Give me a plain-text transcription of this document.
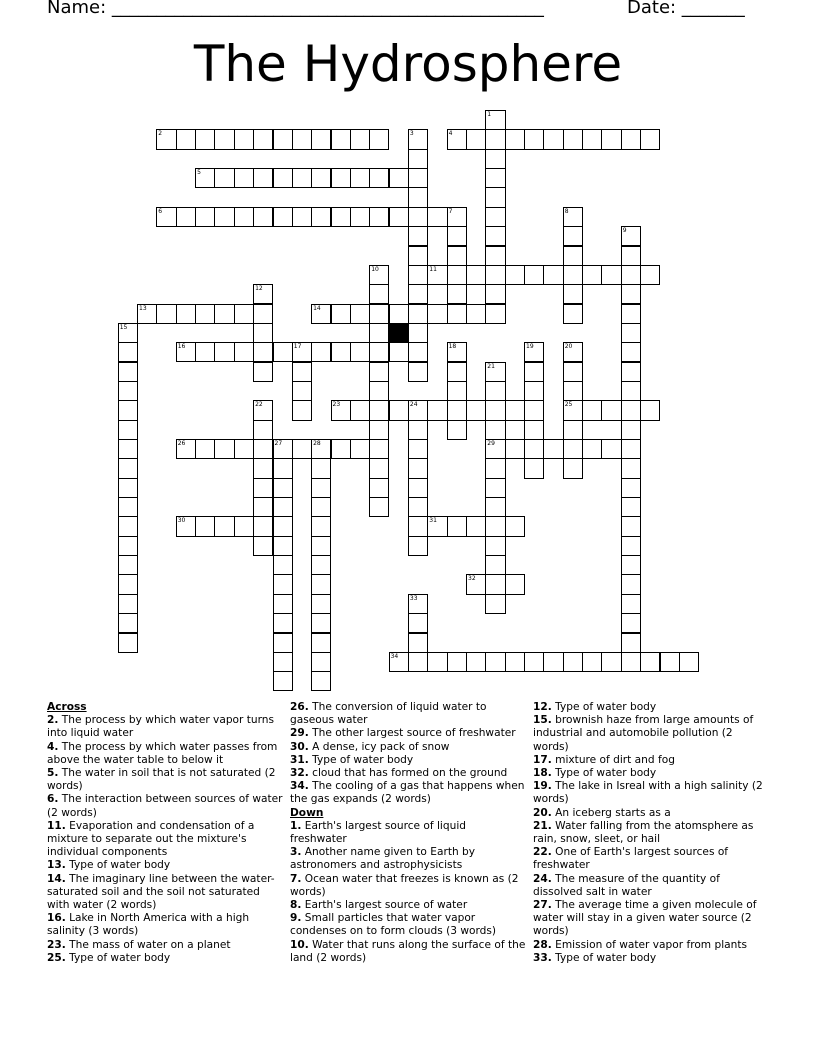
Name: ________________________________________________	Date: _______
The Hydrosphere
1
2	3	4
5
6	7	8
9
10	11
12
13	14
15
16	17	18	19	20
25
21
29
22	23	24
26	27	28
30	31
32
33
34
Across
2. The process by which water vapor turns into liquid water
4. The process by which water passes from above the water table to below it
5. The water in soil that is not saturated (2 words)
6. The interaction between sources of water (2 words)
11. Evaporation and condensation of a mixture to separate out the mixture's individual components
13. Type of water body
14. The imaginary line between the water-saturated soil and the soil not saturated with water (2 words)
16. Lake in North America with a high salinity (3 words)
23. The mass of water on a planet
25. Type of water body
26. The conversion of liquid water to gaseous water
29. The other largest source of freshwater
30. A dense, icy pack of snow
31. Type of water body
32. cloud that has formed on the ground
34. The cooling of a gas that happens when the gas expands (2 words)
Down
1. Earth's largest source of liquid freshwater
3. Another name given to Earth by astronomers and astrophysicists
7. Ocean water that freezes is known as (2 words)
8. Earth's largest source of water
9. Small particles that water vapor condenses on to form clouds (3 words)
10. Water that runs along the surface of the land (2 words)
12. Type of water body
15. brownish haze from large amounts of industrial and automobile pollution (2 words)
17. mixture of dirt and fog
18. Type of water body
19. The lake in Isreal with a high salinity (2 words)
20. An iceberg starts as a
21. Water falling from the atomsphere as rain, snow, sleet, or hail
22. One of Earth's largest sources of freshwater
24. The measure of the quantity of dissolved salt in water
27. The average time a given molecule of water will stay in a given water source (2 words)
28. Emission of water vapor from plants
33. Type of water body
